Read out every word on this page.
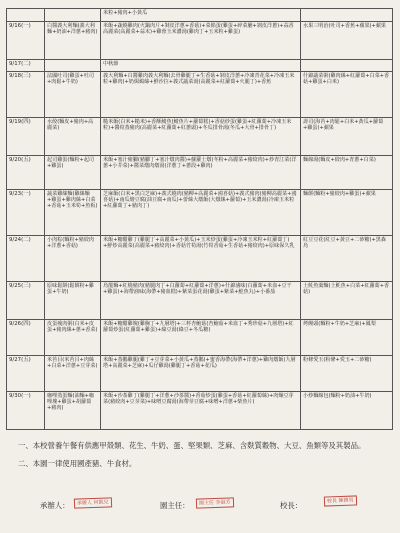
		米粒+豬肉+小黃瓜	
9/16(一)	白醬義大利麵(義大利麵+奶油+洋蔥+豬肉)	米飯+蔬燒雞肉(火鍋肉片+剝皮洋蔥+香菇)+菜餡蛋(雞蛋+碎菜脯+剝皮洋蔥)+蒜香高麗菜(高麗菜+蒜末)+雞蓉玉米濃湯(雞肉丁+玉米粒+雞蛋)	水果三明治(吐司+香蕉+蘋果)+蘋果
9/17(二)		中秋節	
9/18(三)	法國吐司(雞蛋+吐司+肉鬆+牛奶)	義大利麵+白醬雞肉義大利麵(去骨雞腿丁+生香菇+剝皮洋蔥+冷凍青花菜+冷凍玉米粒+雞肉)+奶焗鷄絲+鮮沙拉+義式蔬菜湯(高麗菜+紅蘿蔔+火腿丁)+香蕉	什錦蔬菜粥(雞肉絲+紅蘿蔔+白菜+香菇+雞蛋+白米)
9/19(四)	水餃(麵皮+豬肉+高麗菜)	糙米飯(白米+糙米)+香酥鯖魚(鯖魚片+蘿蔔糕)+香菇炒蛋(雞蛋+紅蘿蔔+冷凍玉米粒)+醬筍蒸豬肉(高麗菜+紅蘿蔔+紅蔥頭)+冬瓜排骨湯(冬瓜+大骨+排骨丁)	壽司(海苔+肉鬆+白米+黃瓜+蘿蔔+雞蛋)+蘋果
9/20(五)	起司雞蛋(麵粉+起司+雞蛋)	米飯+塞汁豬腳(豬腳丁+塞汁燉肉醬)+蘇蘿土燉(冬粉+高麗菜+豬絞肉)+炒青江菜(洋蔥+小芥菜)+醬菜燉肉燉湯(洋蔥丁+蔥段+雞肉)	麵線湯(麵皮+絞肉+青蔥+白菜)
9/23(一)	蔬菜雞絲麵(雞絲麵+雞蛋+雞肉絲+白菜+香菇+玉米筍+魚板)	芝麻飯(白米+黑白芝麻)+義式燒肉(豬柳+高麗菜+鴻喜菇)+義式豬肉(豬柳高麗菜+鴻喜菇)+南瓜燴豆腐(油豆腐+南瓜)+蕾絲大燉飯(大燉絲+蘿蔔)+玉米濃湯(冷凍玉米粒+紅蘿蔔丁+豬肉丁)	麵餅(麵粉+豬絞肉+雞蛋)+蘋果
9/24(二)	小肉粽(麵粉+豬絞肉+洋蔥+香菇)	米飯+糖醋雞丁(雞腿丁+高麗菜+小黃瓜)+玉米炒蛋(雞蛋+冷凍玉米粒+紅蘿蔔丁)+鮮炒高麗菜(高麗菜+豬絞肉)+香菇竹筍湯(竹筍香菇+生香菇+豬絞肉)+原味保久乳	紅豆豆花(紅豆+黃豆+二砂糖)+黑森烏
9/25(三)	原味鬆餅(鬆餅粉+雞蛋+牛奶)	烏龍麵+紅燒豬肉(豬腿肉丁+白蘿蔔+紅蘿蔔+洋蔥)+什錦滷味(白蘿蔔+米血+豆干+雞蛋)+海帶滷味(海帶+豬血糕)+紫菜蛋花湯(雞蛋+紫菜+鮭魚丸)+小番茄	土魠魚羹麵(土魠魚+白菜+紅蘿蔔+香菇)
9/26(四)	皮蛋瘦肉粥(白米+皮蛋+豬肉絲+蔥+香菜)	米飯+糖醋雞塊(雞胸丁+九層塔)+三杯杏鮑菇(杏鮑菇+米血丁+秀珍菇+九層塔)+紅蘿蔔炒蛋(紅蘿蔔+雞蛋)+綠豆湯(綠豆+冬瓜糖)	烤饅頭(麵粉+牛奶+芝麻)+鳳梨
9/27(五)	米苔目(米苔目+肉絲+白菜+洋蔥+豆芽菜)	米飯+蒸鵝雞腿(雞丁+豆芽菜+小黃瓜+蒸鵝)+蜜香海帶(海帶+洋蔥)+雞肉燉飯(九層塔+高麗菜+芝麻)+瓜仔雞湯(雞腿丁+香菇+花瓜)	粉條愛玉(粉條+愛玉+二砂糖)
9/30(一)	咖哩蒸蛋麵(油麵+咖哩塊+雞蛋+胡蘿蔔+豬肉)	米飯+沙茶雞丁(雞腿丁+洋蔥+沙茶醬)+香菇炒蛋(雞蛋+香菇+紅蘿蔔絲)+肉燥豆芽菜(豬絞肉+豆芽菜)+味噌豆腐湯(海帶芽豆腐+味噌+洋蔥+柴魚片)	小炒麵線包(麵粉+奶油+牛奶)
一、本校營養午餐有供應甲殼類、花生、牛奶、蛋、堅果類、芝麻、含麩質穀物、大豆、魚類等及其製品。
二、本園一律使用國產豬、牛食材。
承辦人：	承辦人 何凱兒	園主任：	園主任 李淑芳	校長：	校長 陳鎮男
